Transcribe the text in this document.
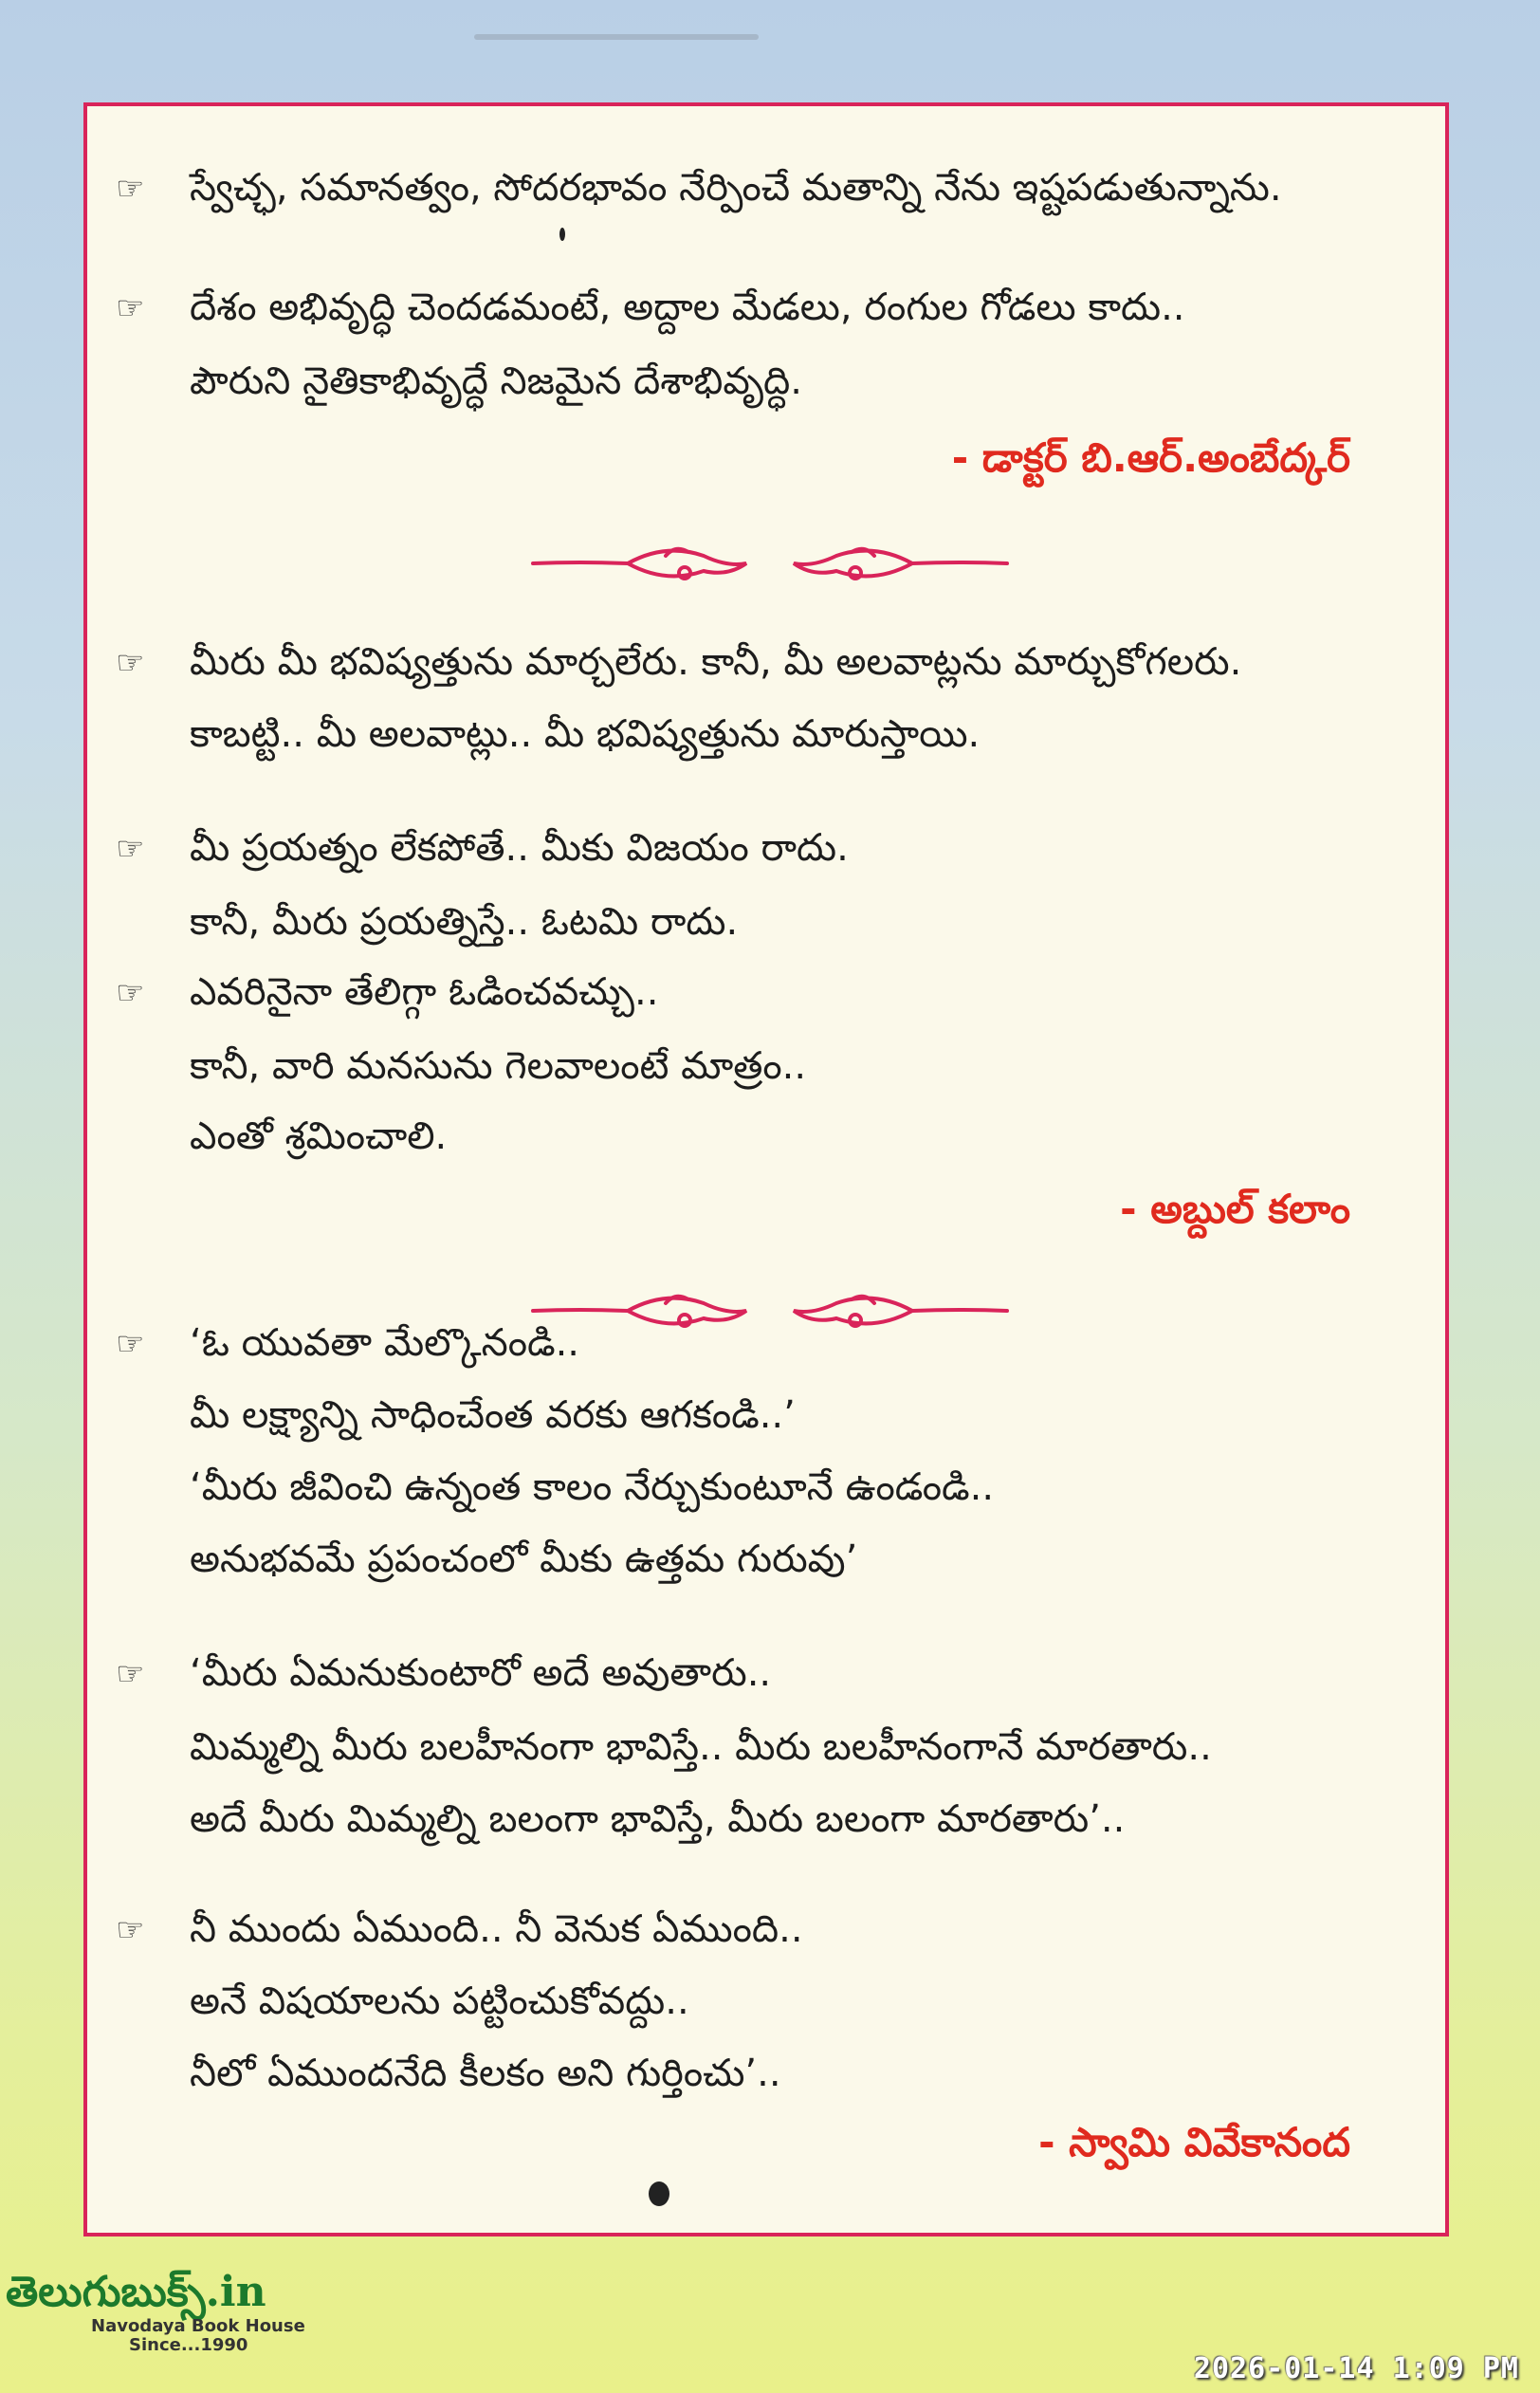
☞ స్వేచ్ఛ, సమానత్వం, సోదరభావం నేర్పించే మతాన్ని నేను ఇష్టపడుతున్నాను.
☞ దేశం అభివృద్ధి చెందడమంటే, అద్దాల మేడలు, రంగుల గోడలు కాదు..
పౌరుని నైతికాభివృద్ధే నిజమైన దేశాభివృద్ధి.
- డాక్టర్ బి.ఆర్.అంబేద్కర్
☞ మీరు మీ భవిష్యత్తును మార్చలేరు. కానీ, మీ అలవాట్లను మార్చుకోగలరు.
కాబట్టి.. మీ అలవాట్లు.. మీ భవిష్యత్తును మారుస్తాయి.
☞ మీ ప్రయత్నం లేకపోతే.. మీకు విజయం రాదు.
కానీ, మీరు ప్రయత్నిస్తే.. ఓటమి రాదు.
☞ ఎవరినైనా తేలిగ్గా ఓడించవచ్చు..
కానీ, వారి మనసును గెలవాలంటే మాత్రం..
ఎంతో శ్రమించాలి.
- అబ్దుల్ కలాం
☞ ‘ఓ యువతా మేల్కొనండి..
మీ లక్ష్యాన్ని సాధించేంత వరకు ఆగకండి..’
‘మీరు జీవించి ఉన్నంత కాలం నేర్చుకుంటూనే ఉండండి..
అనుభవమే ప్రపంచంలో మీకు ఉత్తమ గురువు’
☞ ‘మీరు ఏమనుకుంటారో అదే అవుతారు..
మిమ్మల్ని మీరు బలహీనంగా భావిస్తే.. మీరు బలహీనంగానే మారతారు..
అదే మీరు మిమ్మల్ని బలంగా భావిస్తే, మీరు బలంగా మారతారు’..
☞ నీ ముందు ఏముంది.. నీ వెనుక ఏముంది..
అనే విషయాలను పట్టించుకోవద్దు..
నీలో ఏముందనేది కీలకం అని గుర్తించు’..
- స్వామి వివేకానంద
తెలుగుబుక్స్.in
Navodaya Book House
Since...1990
2026-01-14 1:09 PM
